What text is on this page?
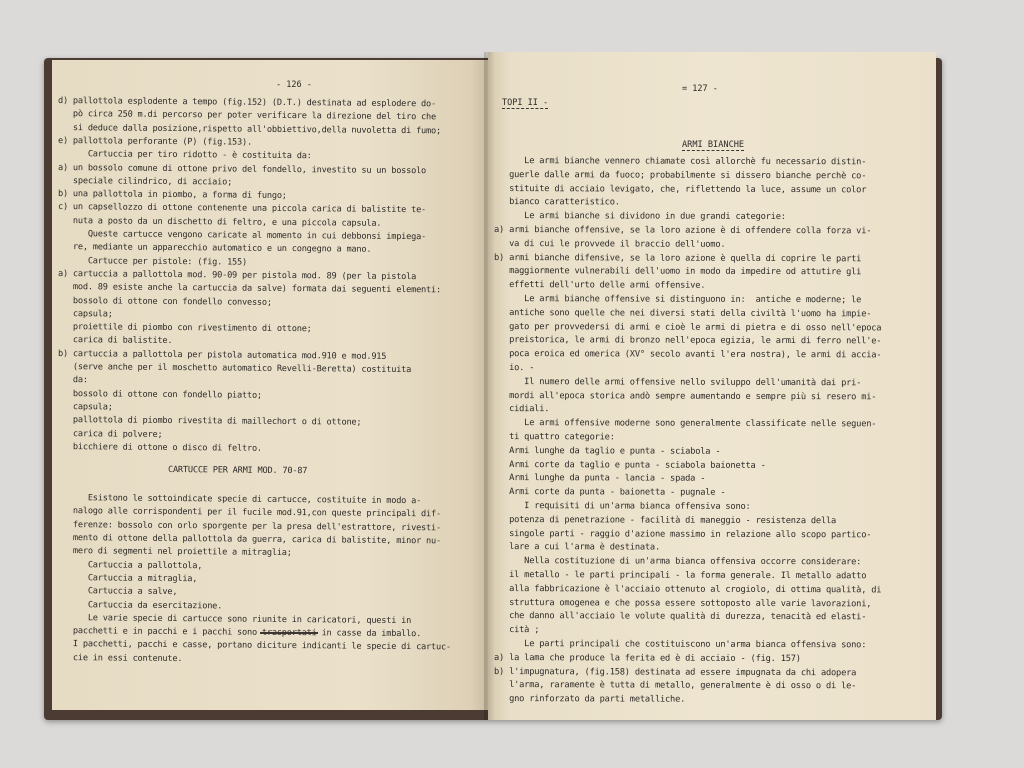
- 126 -
d) pallottola esplodente a tempo (fig.152) (D.T.) destinata ad esplodere do-
pò circa 250 m.di percorso per poter verificare la direzione del tiro che
si deduce dalla posizione,rispetto all'obbiettivo,della nuvoletta di fumo;
e) pallottola perforante (P) (fig.153).
Cartuccia per tiro ridotto - è costituita da:
a) un bossolo comune di ottone privo del fondello, investito su un bossolo
speciale cilindrico, di acciaio;
b) una pallottola in piombo, a forma di fungo;
c) un capsellozzo di ottone contenente una piccola carica di balistite te-
nuta a posto da un dischetto di feltro, e una piccola capsula.
Queste cartucce vengono caricate al momento in cui debbonsi impiega-
re, mediante un apparecchio automatico e un congegno a mano.
Cartucce per pistole: (fig. 155)
a) cartuccia a pallottola mod. 90-09 per pistola mod. 89 (per la pistola
mod. 89 esiste anche la cartuccia da salve) formata dai seguenti elementi:
bossolo di ottone con fondello convesso;
capsula;
proiettile di piombo con rivestimento di ottone;
carica di balistite.
b) cartuccia a pallottola per pistola automatica mod.910 e mod.915
(serve anche per il moschetto automatico Revelli-Beretta) costituita
da:
bossolo di ottone con fondello piatto;
capsula;
pallottola di piombo rivestita di maillechort o di ottone;
carica di polvere;
bicchiere di ottone o disco di feltro.
CARTUCCE PER ARMI MOD. 70-87
Esistono le sottoindicate specie di cartucce, costituite in modo a-
nalogo alle corrispondenti per il fucile mod.91,con queste principali dif-
ferenze: bossolo con orlo sporgente per la presa dell'estrattore, rivesti-
mento di ottone della pallottola da guerra, carica di balistite, minor nu-
mero di segmenti nel proiettile a mitraglia;
Cartuccia a pallottola,
Cartuccia a mitraglia,
Cartuccia a salve,
Cartuccia da esercitazione.
Le varie specie di cartucce sono riunite in caricatori, questi in
pacchetti e in pacchi e i pacchi sono trasportati in casse da imballo.
I pacchetti, pacchi e casse, portano diciture indicanti le specie di cartuc-
cie in essi contenute.
TOPI II -
= 127 -
ARMI BIANCHE
Le armi bianche vennero chiamate così allorchè fu necessario distin-
guerle dalle armi da fuoco; probabilmente si dissero bianche perchè co-
stituite di acciaio levigato, che, riflettendo la luce, assume un color
bianco caratteristico.
Le armi bianche si dividono in due grandi categorie:
a) armi bianche offensive, se la loro azione è di offendere colla forza vi-
va di cui le provvede il braccio dell'uomo.
b) armi bianche difensive, se la loro azione è quella di coprire le parti
maggiormente vulnerabili dell'uomo in modo da impedire od attutire gli
effetti dell'urto delle armi offensive.
Le armi bianche offensive si distinguono in:  antiche e moderne; le
antiche sono quelle che nei diversi stati della civiltà l'uomo ha impie-
gato per provvedersi di armi e cioè le armi di pietra e di osso nell'epoca
preistorica, le armi di bronzo nell'epoca egizia, le armi di ferro nell'e-
poca eroica ed omerica (XV° secolo avanti l'era nostra), le armi di accia-
io. -
Il numero delle armi offensive nello sviluppo dell'umanità dai pri-
mordi all'epoca storica andò sempre aumentando e sempre più si resero mi-
cidiali.
Le armi offensive moderne sono generalmente classificate nelle seguen-
ti quattro categorie:
Armi lunghe da taglio e punta - sciabola -
Armi corte da taglio e punta - sciabola baionetta -
Armi lunghe da punta - lancia - spada -
Armi corte da punta - baionetta - pugnale -
I requisiti di un'arma bianca offensiva sono:
potenza di penetrazione - facilità di maneggio - resistenza della
singole parti - raggio d'azione massimo in relazione allo scopo partico-
lare a cui l'arma è destinata.
Nella costituzione di un'arma bianca offensiva occorre considerare:
il metallo - le parti principali - la forma generale. Il metallo adatto
alla fabbricazione è l'acciaio ottenuto al crogiolo, di ottima qualità, di
struttura omogenea e che possa essere sottoposto alle varie lavorazioni,
che danno all'acciaio le volute qualità di durezza, tenacità ed elasti-
cità ;
Le parti principali che costituiscono un'arma bianca offensiva sono:
a) la lama che produce la ferita ed è di acciaio - (fig. 157)
b) l'impugnatura, (fig.158) destinata ad essere impugnata da chi adopera
l'arma, raramente è tutta di metallo, generalmente è di osso o di le-
gno rinforzato da parti metalliche.
